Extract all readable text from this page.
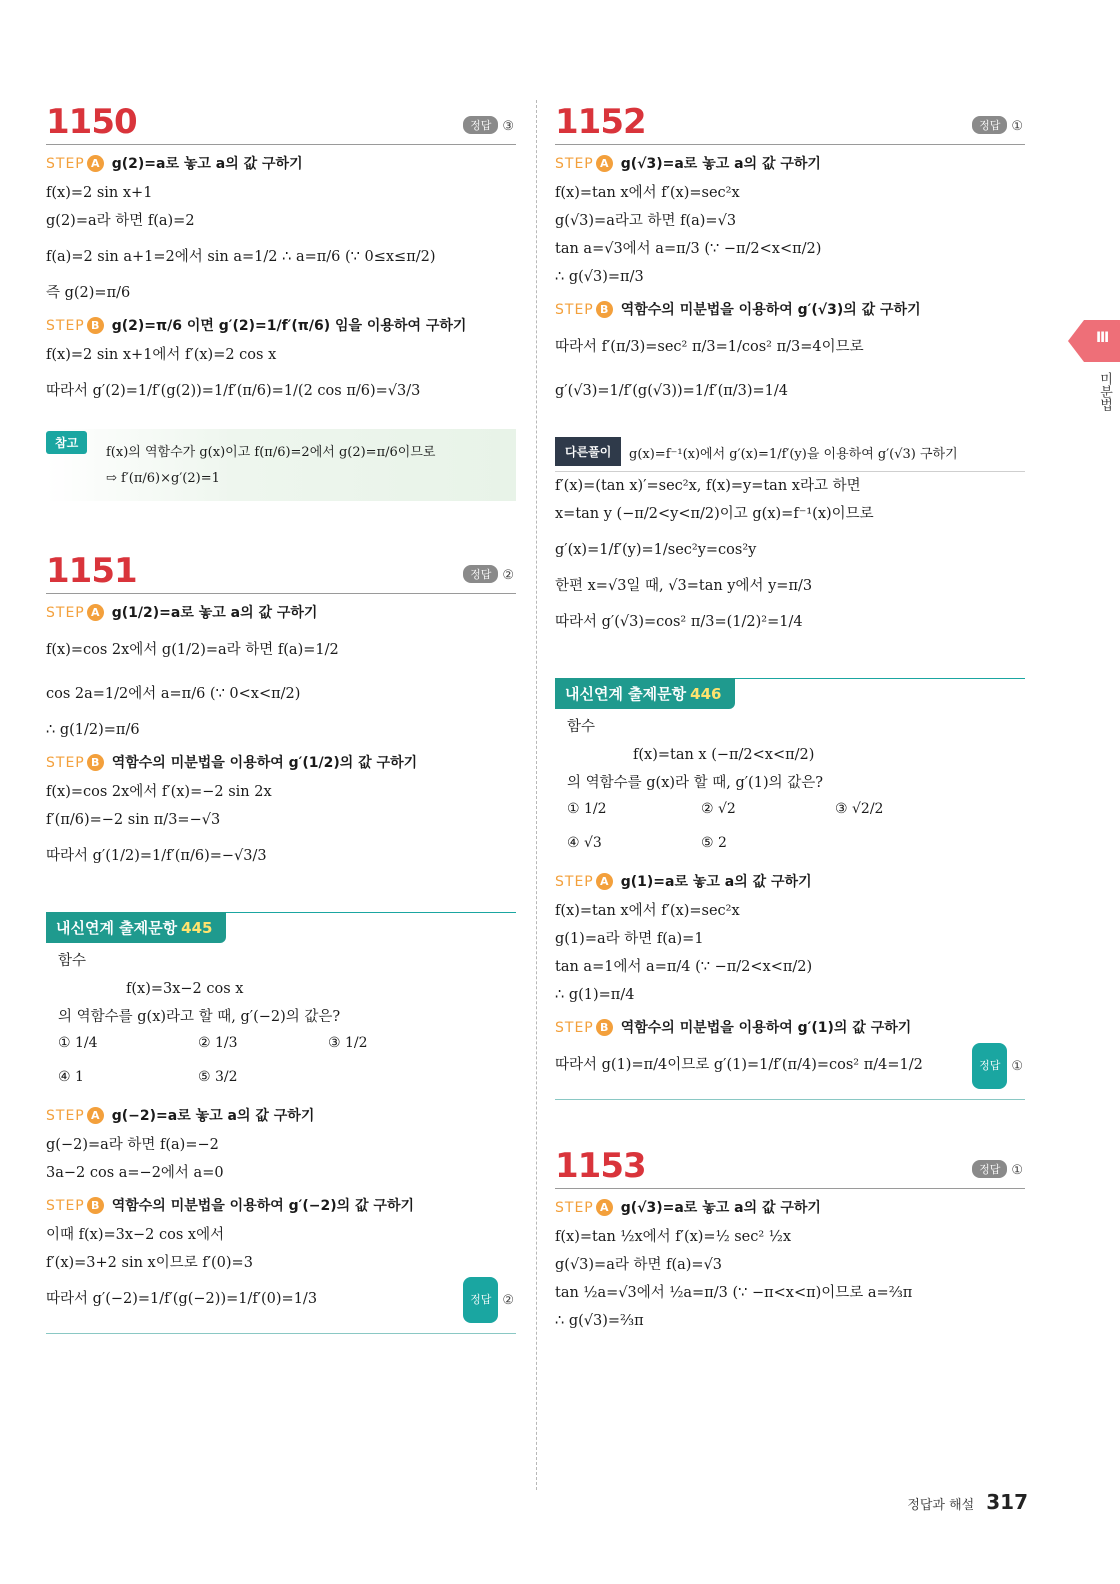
1150	정답 ③
STEP A g(2)=a로 놓고 a의 값 구하기
f(x)=2 sin x+1
g(2)=a라 하면 f(a)=2
f(a)=2 sin a+1=2에서 sin a=1/2 ∴ a=π/6 (∵ 0≤x≤π/2)
즉 g(2)=π/6
STEP B g(2)=π/6 이면 g′(2)=1/f′(π/6) 임을 이용하여 구하기
f(x)=2 sin x+1에서 f′(x)=2 cos x
따라서 g′(2)=1/f′(g(2))=1/f′(π/6)=1/(2 cos π/6)=√3/3
참고
f(x)의 역함수가 g(x)이고 f(π/6)=2에서 g(2)=π/6이므로
⇨ f′(π/6)×g′(2)=1
1151	정답 ②
STEP A g(1/2)=a로 놓고 a의 값 구하기
f(x)=cos 2x에서 g(1/2)=a라 하면 f(a)=1/2
cos 2a=1/2에서 a=π/6 (∵ 0<x<π/2)
∴ g(1/2)=π/6
STEP B 역함수의 미분법을 이용하여 g′(1/2)의 값 구하기
f(x)=cos 2x에서 f′(x)=−2 sin 2x
f′(π/6)=−2 sin π/3=−√3
따라서 g′(1/2)=1/f′(π/6)=−√3/3
내신연계 출제문항 445
함수
f(x)=3x−2 cos x
의 역함수를 g(x)라고 할 때, g′(−2)의 값은?
① 1/4	② 1/3	③ 1/2
④ 1	⑤ 3/2
STEP A g(−2)=a로 놓고 a의 값 구하기
g(−2)=a라 하면 f(a)=−2
3a−2 cos a=−2에서 a=0
STEP B 역함수의 미분법을 이용하여 g′(−2)의 값 구하기
이때 f(x)=3x−2 cos x에서
f′(x)=3+2 sin x이므로 f′(0)=3
따라서 g′(−2)=1/f′(g(−2))=1/f′(0)=1/3	정답 ②
1152	정답 ①
STEP A g(√3)=a로 놓고 a의 값 구하기
f(x)=tan x에서 f′(x)=sec²x
g(√3)=a라고 하면 f(a)=√3
tan a=√3에서 a=π/3 (∵ −π/2<x<π/2)
∴ g(√3)=π/3
STEP B 역함수의 미분법을 이용하여 g′(√3)의 값 구하기
따라서 f′(π/3)=sec² π/3=1/cos² π/3=4이므로
g′(√3)=1/f′(g(√3))=1/f′(π/3)=1/4
다른풀이	g(x)=f⁻¹(x)에서 g′(x)=1/f′(y)을 이용하여 g′(√3) 구하기
f′(x)=(tan x)′=sec²x, f(x)=y=tan x라고 하면
x=tan y (−π/2<y<π/2)이고 g(x)=f⁻¹(x)이므로
g′(x)=1/f′(y)=1/sec²y=cos²y
한편 x=√3일 때, √3=tan y에서 y=π/3
따라서 g′(√3)=cos² π/3=(1/2)²=1/4
내신연계 출제문항 446
함수
f(x)=tan x (−π/2<x<π/2)
의 역함수를 g(x)라 할 때, g′(1)의 값은?
① 1/2	② √2	③ √2/2
④ √3	⑤ 2
STEP A g(1)=a로 놓고 a의 값 구하기
f(x)=tan x에서 f′(x)=sec²x
g(1)=a라 하면 f(a)=1
tan a=1에서 a=π/4 (∵ −π/2<x<π/2)
∴ g(1)=π/4
STEP B 역함수의 미분법을 이용하여 g′(1)의 값 구하기
따라서 g(1)=π/4이므로 g′(1)=1/f′(π/4)=cos² π/4=1/2	정답 ①
1153	정답 ①
STEP A g(√3)=a로 놓고 a의 값 구하기
f(x)=tan ½x에서 f′(x)=½ sec² ½x
g(√3)=a라 하면 f(a)=√3
tan ½a=√3에서 ½a=π/3 (∵ −π<x<π)이므로 a=⅔π
∴ g(√3)=⅔π
Ⅲ
미분법
정답과 해설 317
